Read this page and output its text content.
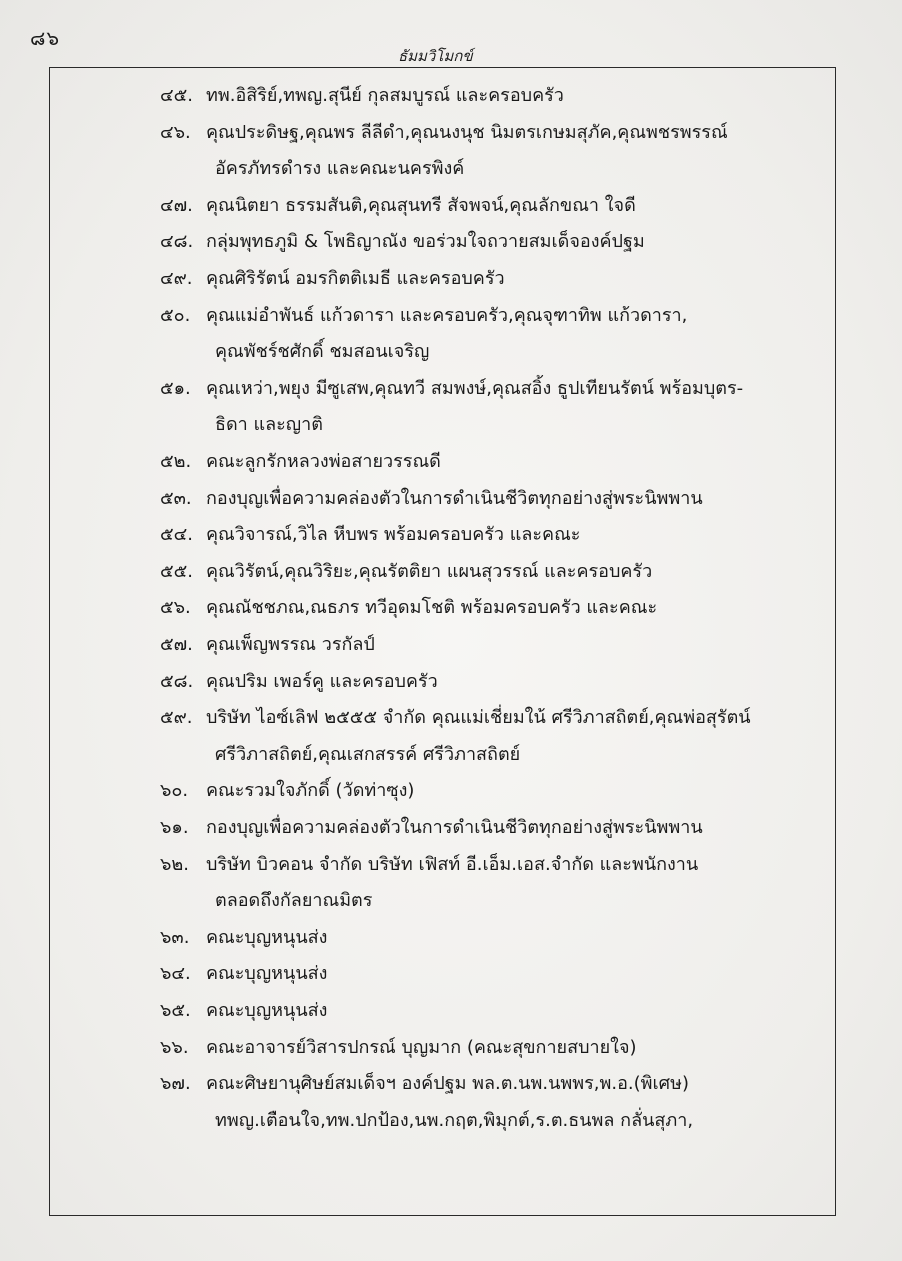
๘๖
ธัมมวิโมกข์
๔๕. ทพ.อิสิริย์,ทพญ.สุนีย์ กุลสมบูรณ์ และครอบครัว
๔๖. คุณประดิษฐ,คุณพร ลีลีดำ,คุณนงนุช นิมตรเกษมสุภัค,คุณพชรพรรณ์
อัครภัทรดำรง และคณะนครพิงค์
๔๗. คุณนิตยา ธรรมสันติ,คุณสุนทรี สัจพจน์,คุณลักขณา ใจดี
๔๘. กลุ่มพุทธภูมิ & โพธิญาณัง ขอร่วมใจถวายสมเด็จองค์ปฐม
๔๙. คุณศิริรัตน์ อมรกิตติเมธี และครอบครัว
๕๐. คุณแม่อำพันธ์ แก้วดารา และครอบครัว,คุณจุฑาทิพ แก้วดารา,
คุณพัชร์ชศักดิ์ ชมสอนเจริญ
๕๑. คุณเหว่า,พยุง มีซูเสพ,คุณทวี สมพงษ์,คุณสอิ้ง ธูปเทียนรัตน์ พร้อมบุตร-
ธิดา และญาติ
๕๒. คณะลูกรักหลวงพ่อสายวรรณดี
๕๓. กองบุญเพื่อความคล่องตัวในการดำเนินชีวิตทุกอย่างสู่พระนิพพาน
๕๔. คุณวิจารณ์,วิไล หีบพร พร้อมครอบครัว และคณะ
๕๕. คุณวิรัตน์,คุณวิริยะ,คุณรัตติยา แผนสุวรรณ์ และครอบครัว
๕๖. คุณณัชชภณ,ณธภร ทวีอุดมโชติ พร้อมครอบครัว และคณะ
๕๗. คุณเพ็ญพรรณ วรกัลป์
๕๘. คุณปริม เพอร์คู และครอบครัว
๕๙. บริษัท ไอซ์เลิฟ ๒๕๕๕ จำกัด คุณแม่เชี่ยมใน้ ศรีวิภาสถิตย์,คุณพ่อสุรัตน์
ศรีวิภาสถิตย์,คุณเสกสรรค์ ศรีวิภาสถิตย์
๖๐. คณะรวมใจภักดิ์ (วัดท่าซุง)
๖๑. กองบุญเพื่อความคล่องตัวในการดำเนินชีวิตทุกอย่างสู่พระนิพพาน
๖๒. บริษัท บิวคอน จำกัด บริษัท เฟิสท์ อี.เอ็ม.เอส.จำกัด และพนักงาน
ตลอดถึงกัลยาณมิตร
๖๓. คณะบุญหนุนส่ง
๖๔. คณะบุญหนุนส่ง
๖๕. คณะบุญหนุนส่ง
๖๖. คณะอาจารย์วิสารปกรณ์ บุญมาก (คณะสุขกายสบายใจ)
๖๗. คณะศิษยานุศิษย์สมเด็จฯ องค์ปฐม พล.ต.นพ.นพพร,พ.อ.(พิเศษ)
ทพญ.เตือนใจ,ทพ.ปกป้อง,นพ.กฤต,พิมุกต์,ร.ต.ธนพล กลั่นสุภา,
